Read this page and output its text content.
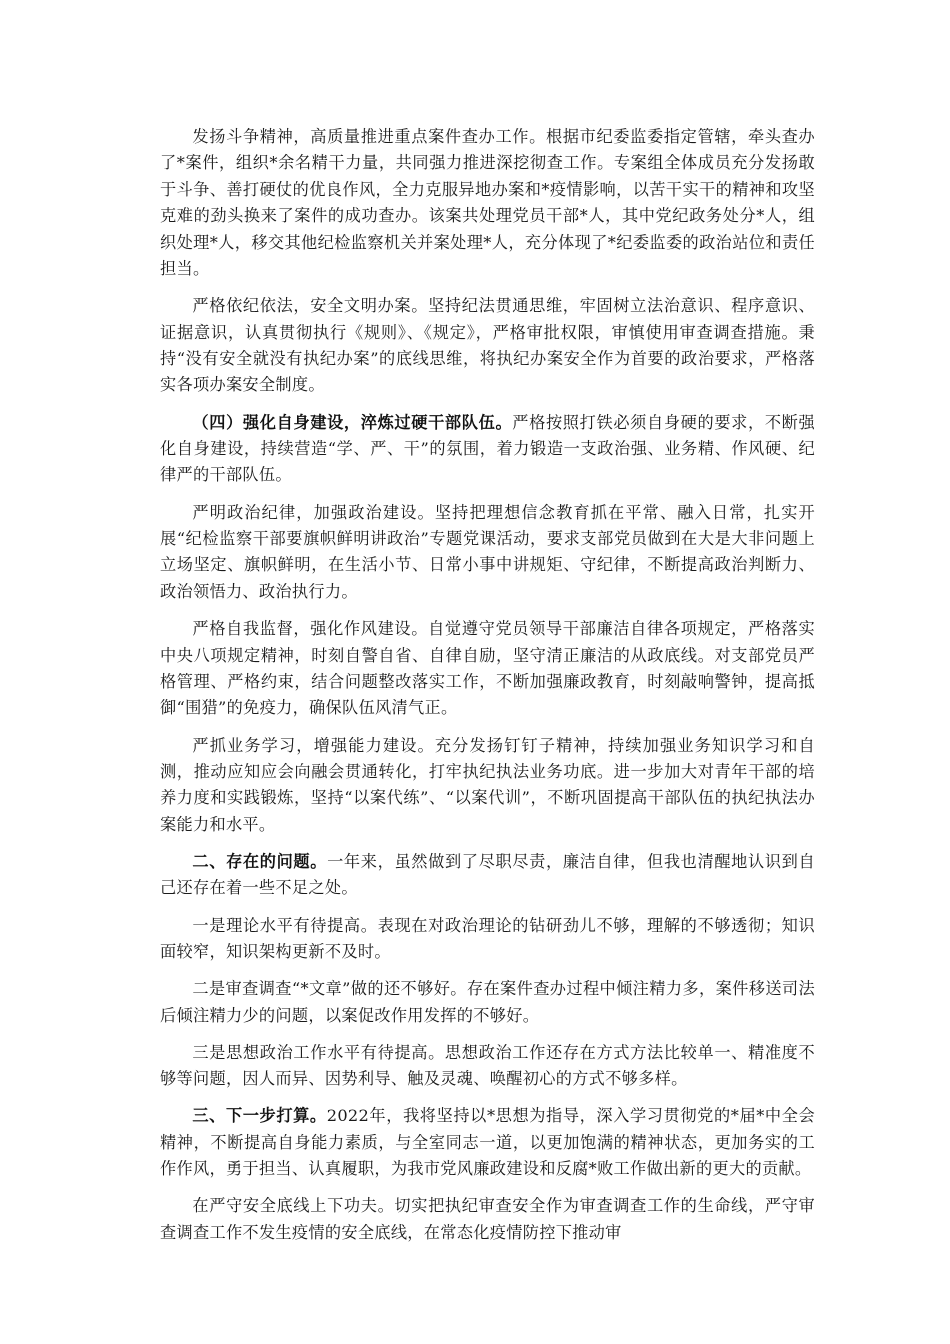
发扬斗争精神，高质量推进重点案件查办工作。根据市纪委监委指定管辖，牵头查办了*案件，组织*余名精干力量，共同强力推进深挖彻查工作。专案组全体成员充分发扬敢于斗争、善打硬仗的优良作风，全力克服异地办案和*疫情影响，以苦干实干的精神和攻坚克难的劲头换来了案件的成功查办。该案共处理党员干部*人，其中党纪政务处分*人，组织处理*人，移交其他纪检监察机关并案处理*人，充分体现了*纪委监委的政治站位和责任担当。

严格依纪依法，安全文明办案。坚持纪法贯通思维，牢固树立法治意识、程序意识、证据意识，认真贯彻执行《规则》、《规定》，严格审批权限，审慎使用审查调查措施。秉持“没有安全就没有执纪办案”的底线思维，将执纪办案安全作为首要的政治要求，严格落实各项办案安全制度。

（四）强化自身建设，淬炼过硬干部队伍。严格按照打铁必须自身硬的要求，不断强化自身建设，持续营造“学、严、干”的氛围，着力锻造一支政治强、业务精、作风硬、纪律严的干部队伍。

严明政治纪律，加强政治建设。坚持把理想信念教育抓在平常、融入日常，扎实开展“纪检监察干部要旗帜鲜明讲政治”专题党课活动，要求支部党员做到在大是大非问题上立场坚定、旗帜鲜明，在生活小节、日常小事中讲规矩、守纪律，不断提高政治判断力、政治领悟力、政治执行力。

严格自我监督，强化作风建设。自觉遵守党员领导干部廉洁自律各项规定，严格落实中央八项规定精神，时刻自警自省、自律自励，坚守清正廉洁的从政底线。对支部党员严格管理、严格约束，结合问题整改落实工作，不断加强廉政教育，时刻敲响警钟，提高抵御“围猎”的免疫力，确保队伍风清气正。

严抓业务学习，增强能力建设。充分发扬钉钉子精神，持续加强业务知识学习和自测，推动应知应会向融会贯通转化，打牢执纪执法业务功底。进一步加大对青年干部的培养力度和实践锻炼，坚持“以案代练”、“以案代训”，不断巩固提高干部队伍的执纪执法办案能力和水平。

二、存在的问题。一年来，虽然做到了尽职尽责，廉洁自律，但我也清醒地认识到自己还存在着一些不足之处。

一是理论水平有待提高。表现在对政治理论的钻研劲儿不够，理解的不够透彻；知识面较窄，知识架构更新不及时。

二是审查调查“*文章”做的还不够好。存在案件查办过程中倾注精力多，案件移送司法后倾注精力少的问题，以案促改作用发挥的不够好。

三是思想政治工作水平有待提高。思想政治工作还存在方式方法比较单一、精准度不够等问题，因人而异、因势利导、触及灵魂、唤醒初心的方式不够多样。

三、下一步打算。2022年，我将坚持以*思想为指导，深入学习贯彻党的*届*中全会精神，不断提高自身能力素质，与全室同志一道，以更加饱满的精神状态，更加务实的工作作风，勇于担当、认真履职，为我市党风廉政建设和反腐*败工作做出新的更大的贡献。

在严守安全底线上下功夫。切实把执纪审查安全作为审查调查工作的生命线，严守审查调查工作不发生疫情的安全底线，在常态化疫情防控下推动审
